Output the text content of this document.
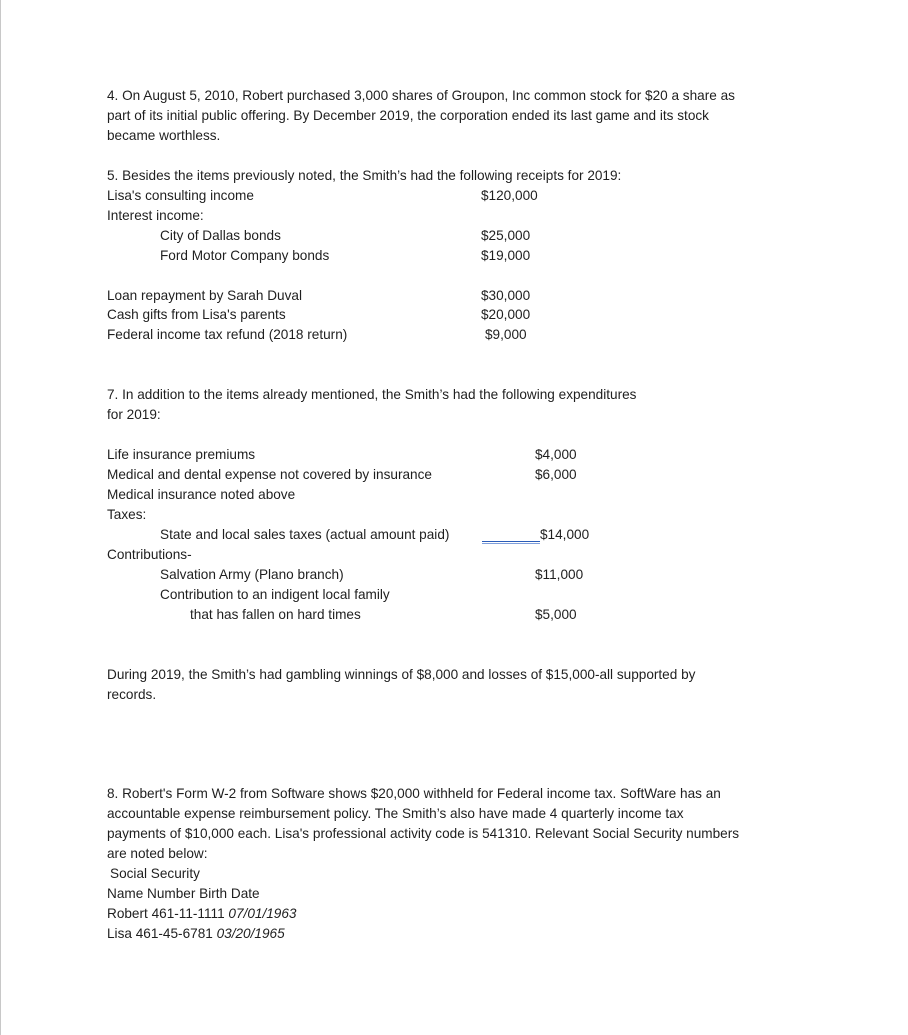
4. On August 5, 2010, Robert purchased 3,000 shares of Groupon, Inc common stock for $20 a share as
part of its initial public offering. By December 2019, the corporation ended its last game and its stock
became worthless.
5. Besides the items previously noted, the Smith’s had the following receipts for 2019:
Lisa's consulting income	$120,000
Interest income:
City of Dallas bonds	$25,000
Ford Motor Company bonds	$19,000
Loan repayment by Sarah Duval	$30,000
Cash gifts from Lisa's parents	$20,000
Federal income tax refund (2018 return)	$9,000
7. In addition to the items already mentioned, the Smith’s had the following expenditures
for 2019:
Life insurance premiums	$4,000
Medical and dental expense not covered by insurance	$6,000
Medical insurance noted above
Taxes:
State and local sales taxes (actual amount paid)	$14,000
Contributions-
Salvation Army (Plano branch)	$11,000
Contribution to an indigent local family
that has fallen on hard times	$5,000
During 2019, the Smith’s had gambling winnings of $8,000 and losses of $15,000-all supported by
records.
8. Robert's Form W-2 from Software shows $20,000 withheld for Federal income tax. SoftWare has an
accountable expense reimbursement policy. The Smith’s also have made 4 quarterly income tax
payments of $10,000 each. Lisa's professional activity code is 541310. Relevant Social Security numbers
are noted below:
Social Security
Name Number Birth Date
Robert 461-11-1111 07/01/1963
Lisa 461-45-6781 03/20/1965
